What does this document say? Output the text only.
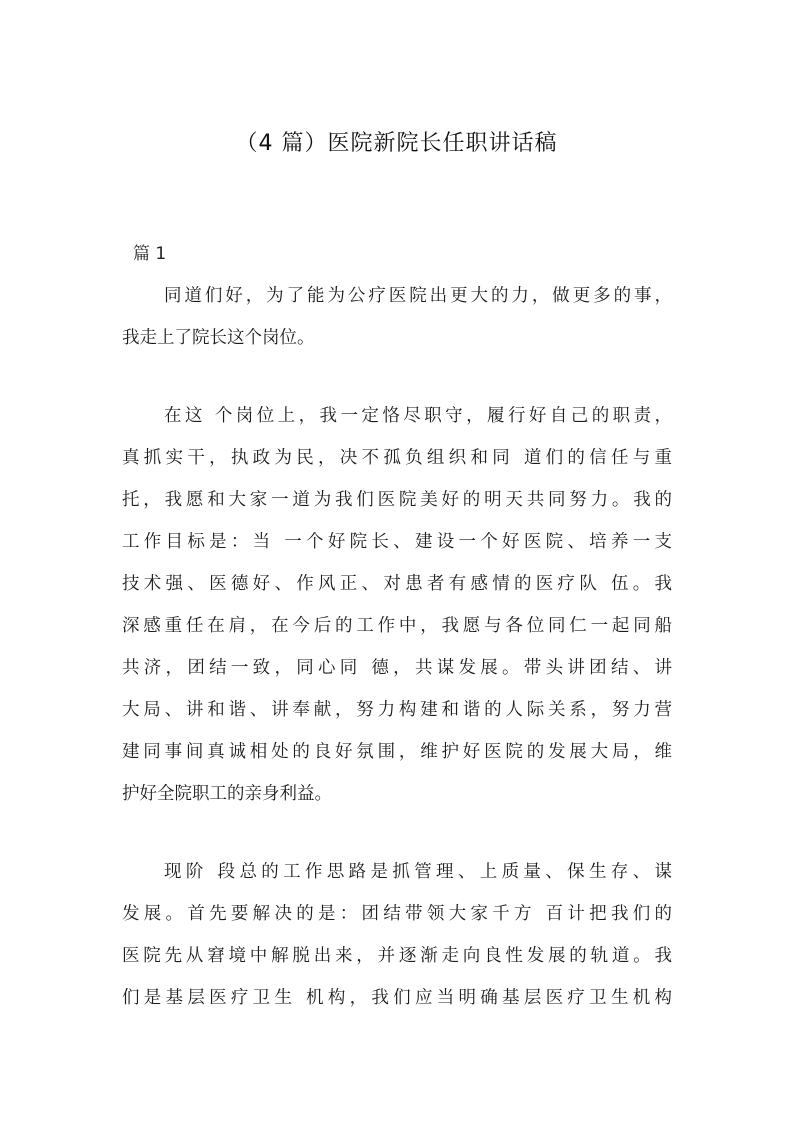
（4 篇）医院新院长任职讲话稿
篇 1
同道们好，为了能为公疗医院出更大的力，做更多的事，
我走上了院长这个岗位。
在这 个岗位上，我一定恪尽职守，履行好自己的职责，
真抓实干，执政为民，决不孤负组织和同 道们的信任与重
托，我愿和大家一道为我们医院美好的明天共同努力。我的
工作目标是：当 一个好院长、建设一个好医院、培养一支
技术强、医德好、作风正、对患者有感情的医疗队 伍。我
深感重任在肩，在今后的工作中，我愿与各位同仁一起同船
共济，团结一致，同心同 德，共谋发展。带头讲团结、讲
大局、讲和谐、讲奉献，努力构建和谐的人际关系，努力营
建同事间真诚相处的良好氛围，维护好医院的发展大局，维
护好全院职工的亲身利益。
现阶 段总的工作思路是抓管理、上质量、保生存、谋
发展。首先要解决的是：团结带领大家千方 百计把我们的
医院先从窘境中解脱出来，并逐渐走向良性发展的轨道。我
们是基层医疗卫生 机构，我们应当明确基层医疗卫生机构
